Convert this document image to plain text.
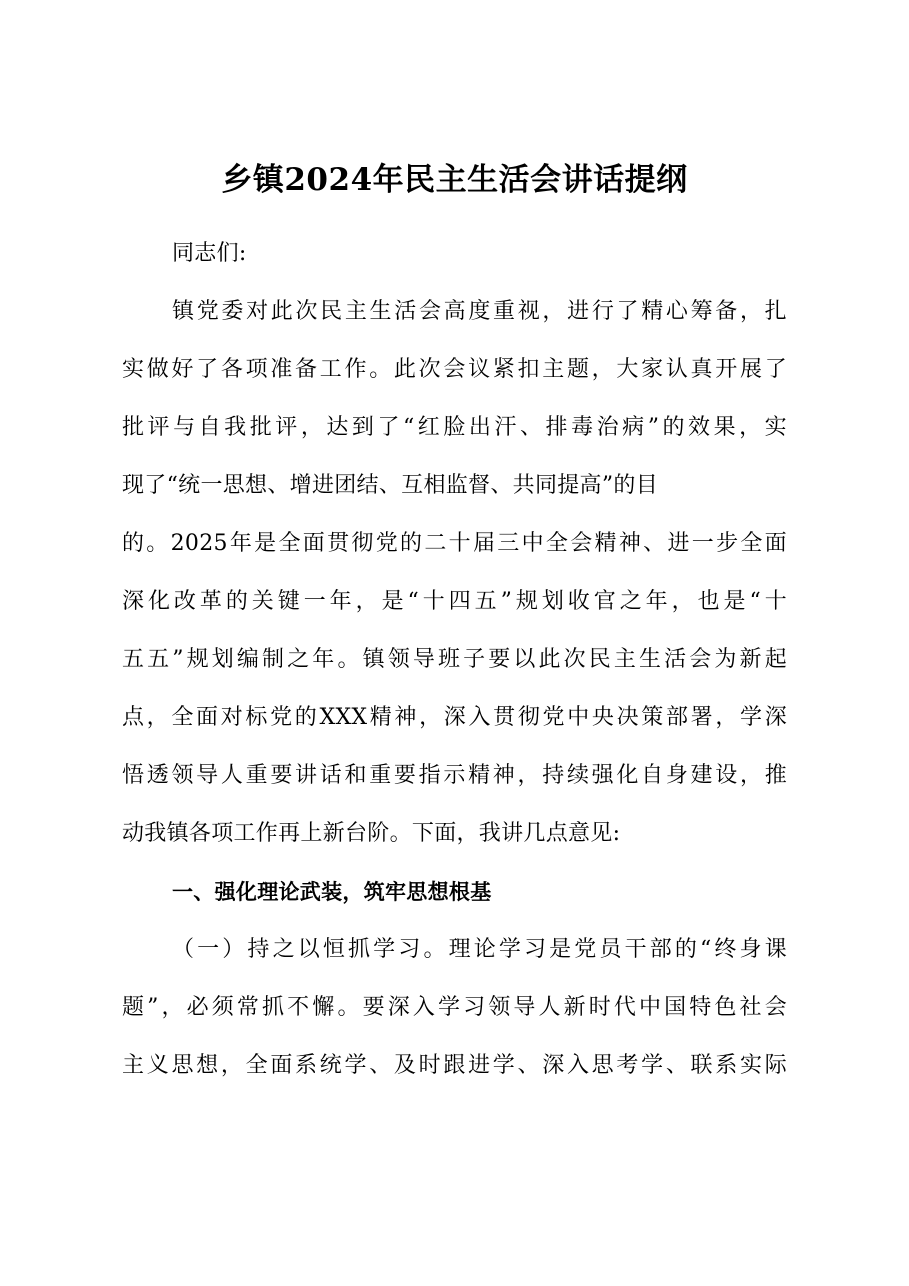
乡镇2024年民主生活会讲话提纲
同志们:
镇党委对此次民主生活会高度重视，进行了精心筹备，扎
实做好了各项准备工作。此次会议紧扣主题，大家认真开展了
批评与自我批评，达到了“红脸出汗、排毒治病”的效果，实
现了“统一思想、增进团结、互相监督、共同提高”的目
的。2025年是全面贯彻党的二十届三中全会精神、进一步全面
深化改革的关键一年，是“十四五”规划收官之年，也是“十
五五”规划编制之年。镇领导班子要以此次民主生活会为新起
点，全面对标党的XXX精神，深入贯彻党中央决策部署，学深
悟透领导人重要讲话和重要指示精神，持续强化自身建设，推
动我镇各项工作再上新台阶。下面，我讲几点意见:
一、强化理论武装，筑牢思想根基
（一）持之以恒抓学习。理论学习是党员干部的“终身课
题”，必须常抓不懈。要深入学习领导人新时代中国特色社会
主义思想，全面系统学、及时跟进学、深入思考学、联系实际
